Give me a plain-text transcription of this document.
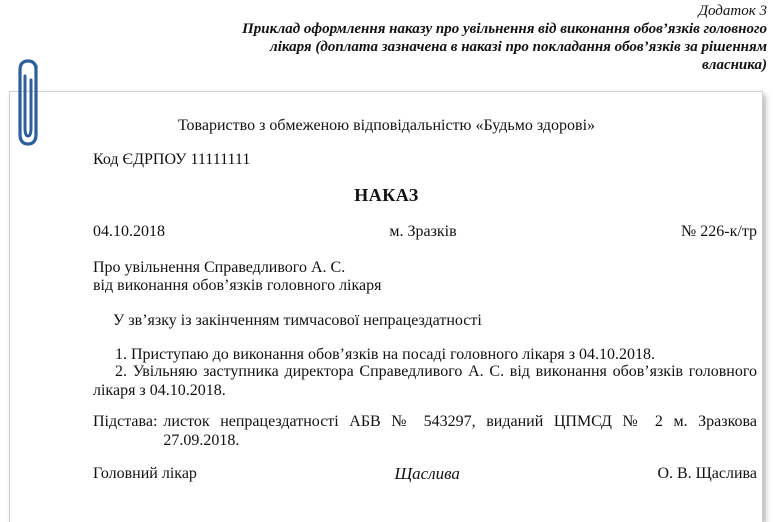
Додаток 3
Приклад оформлення наказу про увільнення від виконання обов’язків головного лікаря (доплата зазначена в наказі про покладання обов’язків за рішенням власника)
Товариство з обмеженою відповідальністю «Будьмо здорові»
Код ЄДРПОУ 11111111
НАКАЗ
04.10.2018	м. Зразків	№ 226-к/тр
Про увільнення Справедливого А. С.
від виконання обов’язків головного лікаря
У зв’язку із закінченням тимчасової непрацездатності
1. Приступаю до виконання обов’язків на посаді головного лікаря з 04.10.2018.
2. Увільняю заступника директора Справедливого А. С. від виконання обов’язків головного лікаря з 04.10.2018.
Підстава: листок непрацездатності АБВ № 543297, виданий ЦПМСД № 2 м. Зразкова 27.09.2018.
Головний лікар	Щаслива	О. В. Щаслива
